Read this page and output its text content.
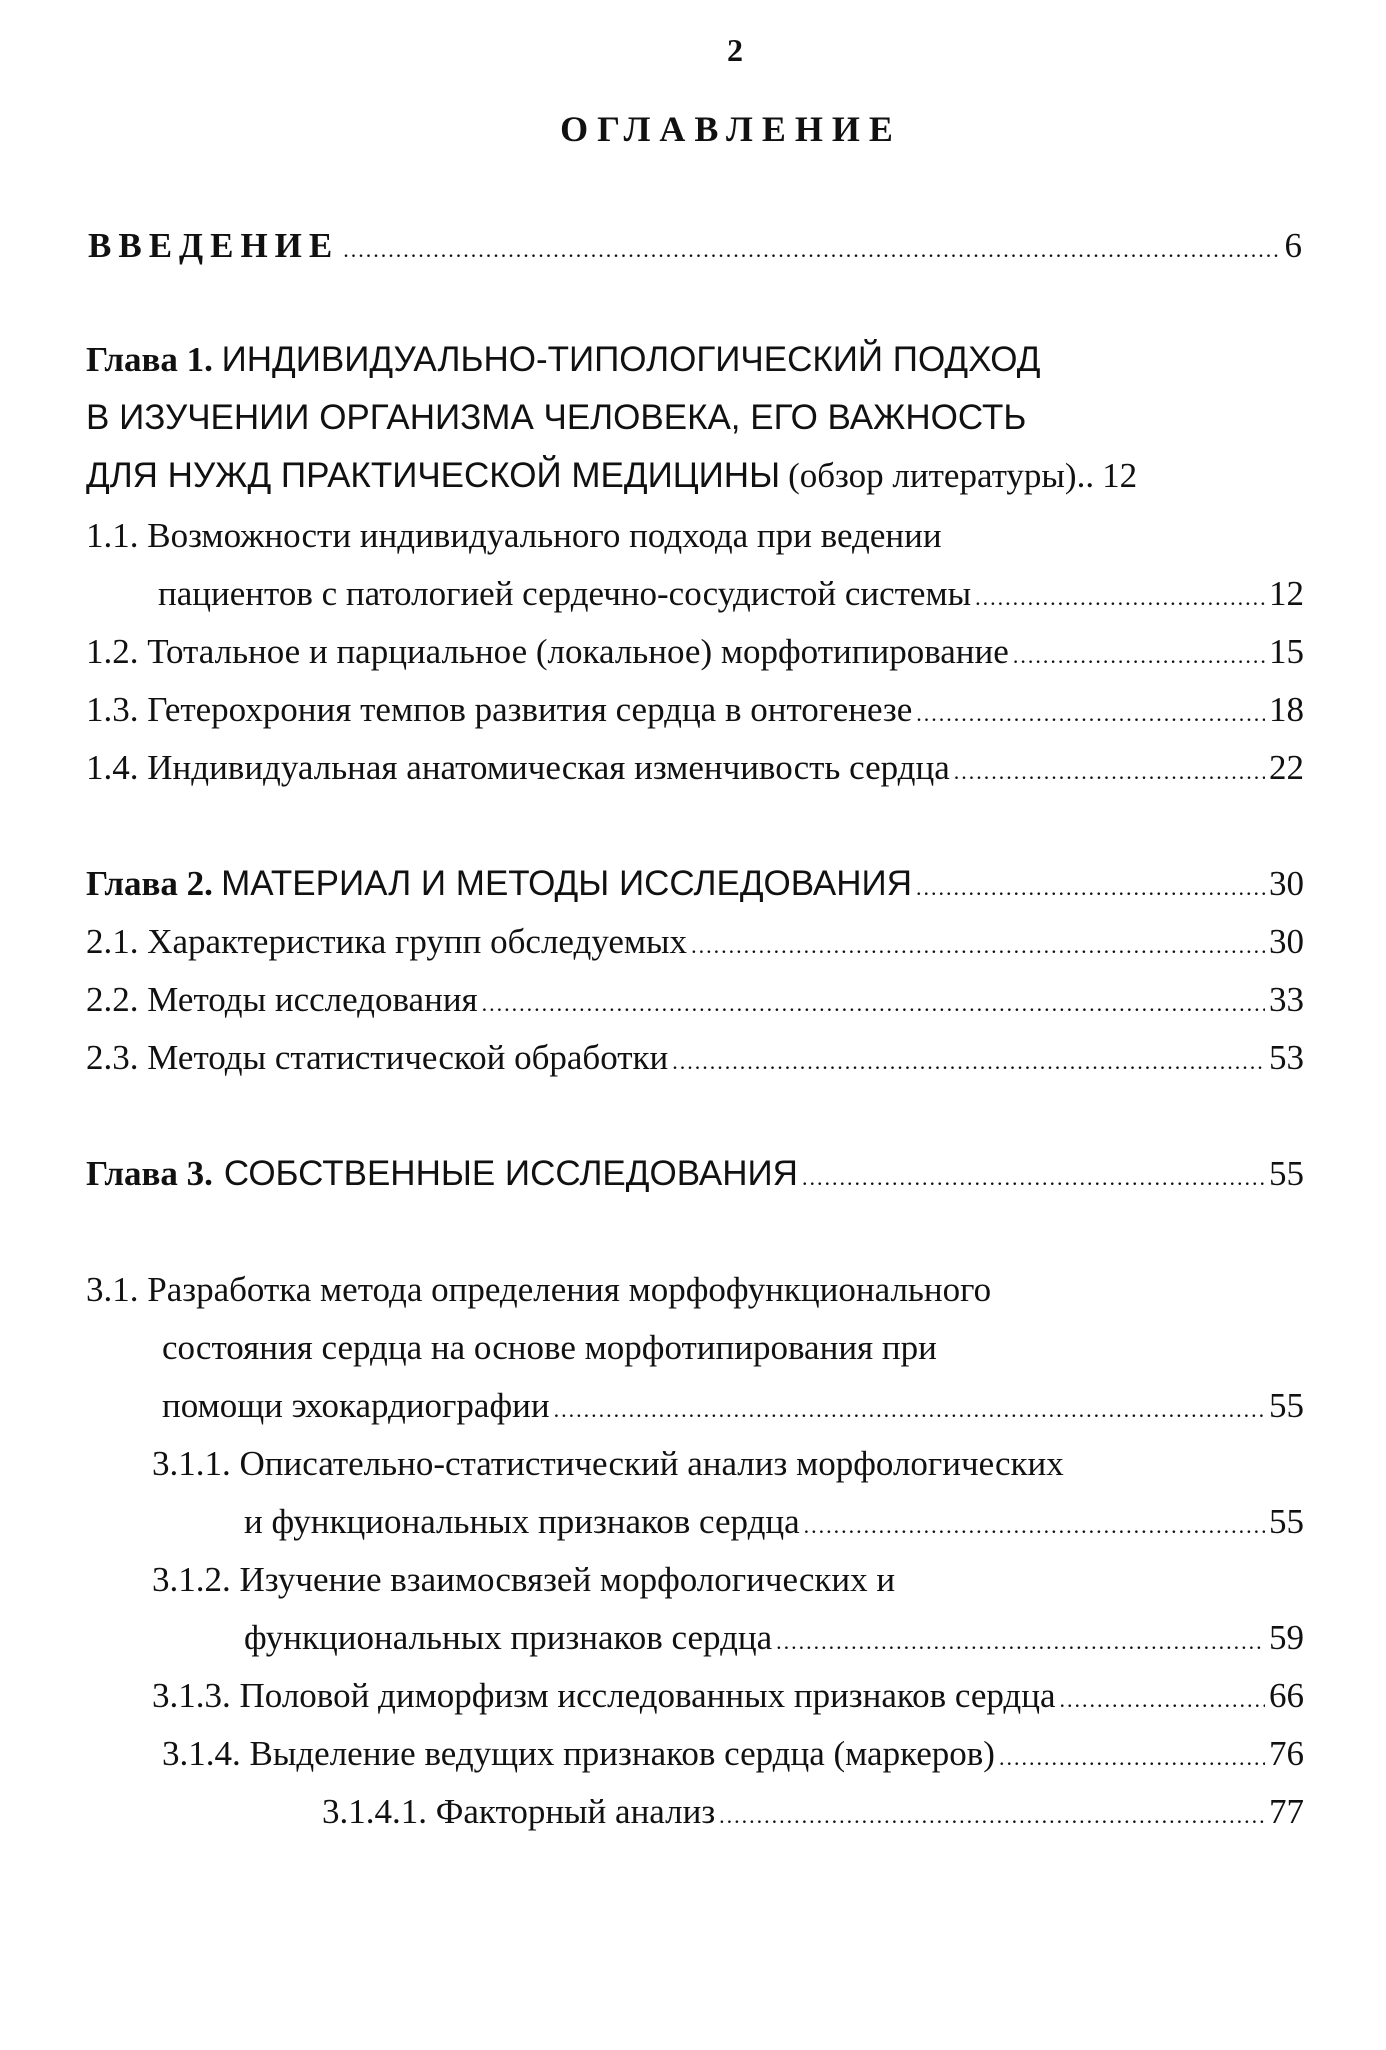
2
ОГЛАВЛЕНИЕ
ВВЕДЕНИЕ .....	6
Глава 1. ИНДИВИДУАЛЬНО-ТИПОЛОГИЧЕСКИЙ ПОДХОД
В ИЗУЧЕНИИ ОРГАНИЗМА ЧЕЛОВЕКА, ЕГО ВАЖНОСТЬ
ДЛЯ НУЖД ПРАКТИЧЕСКОЙ МЕДИЦИНЫ (обзор литературы).. 12
1.1. Возможности индивидуального подхода при ведении
пациентов с патологией сердечно-сосудистой системы .....	12
1.2. Тотальное и парциальное (локальное) морфотипирование .....	15
1.3. Гетерохрония темпов развития сердца в онтогенезе .....	18
1.4. Индивидуальная анатомическая изменчивость сердца .....	22
Глава 2. МАТЕРИАЛ И МЕТОДЫ ИССЛЕДОВАНИЯ .....	30
2.1. Характеристика групп обследуемых .....	30
2.2. Методы исследования .....	33
2.3. Методы статистической обработки .....	53
Глава 3. СОБСТВЕННЫЕ ИССЛЕДОВАНИЯ .....	55
3.1. Разработка метода определения морфофункционального
состояния сердца на основе морфотипирования при
помощи эхокардиографии .....	55
3.1.1. Описательно-статистический анализ морфологических
и функциональных признаков сердца .....	55
3.1.2. Изучение взаимосвязей морфологических и
функциональных признаков сердца .....	59
3.1.3. Половой диморфизм исследованных признаков сердца .....	66
3.1.4. Выделение ведущих признаков сердца (маркеров) .....	76
3.1.4.1. Факторный анализ .....	77
